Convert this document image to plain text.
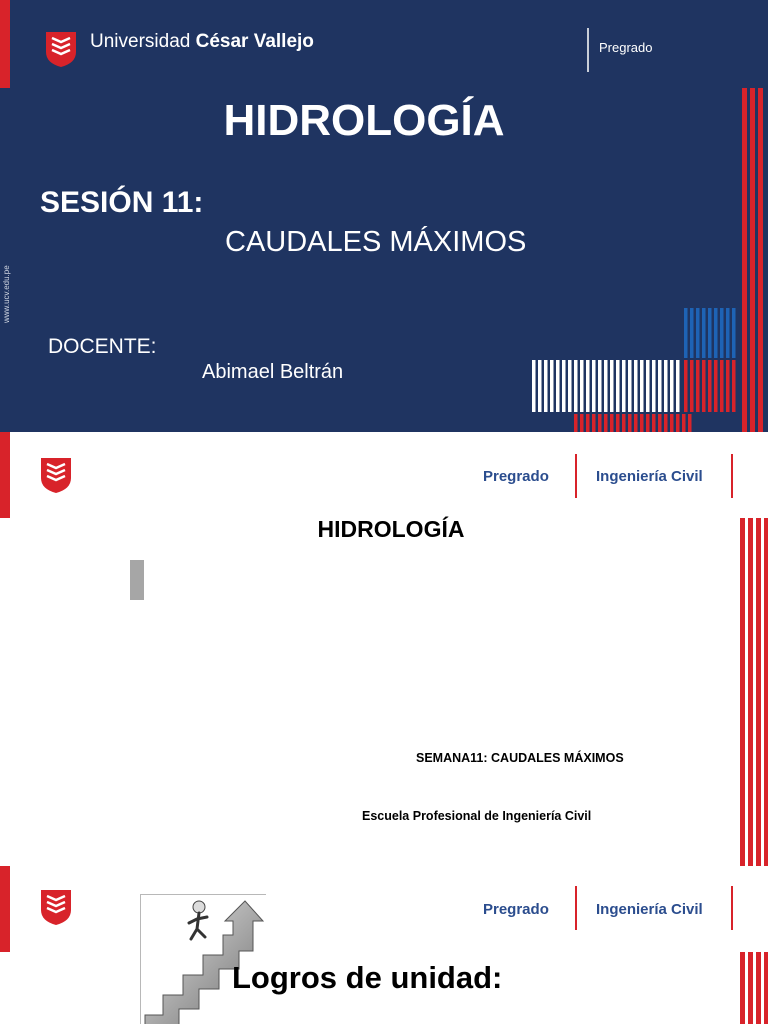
Universidad César Vallejo	Pregrado
HIDROLOGÍA
SESIÓN 11:
CAUDALES MÁXIMOS
DOCENTE:
Abimael Beltrán
www.ucv.edu.pe
Pregrado	Ingeniería Civil
HIDROLOGÍA
SEMANA11: CAUDALES MÁXIMOS
Escuela Profesional de Ingeniería Civil
Pregrado	Ingeniería Civil
Logros de unidad:
